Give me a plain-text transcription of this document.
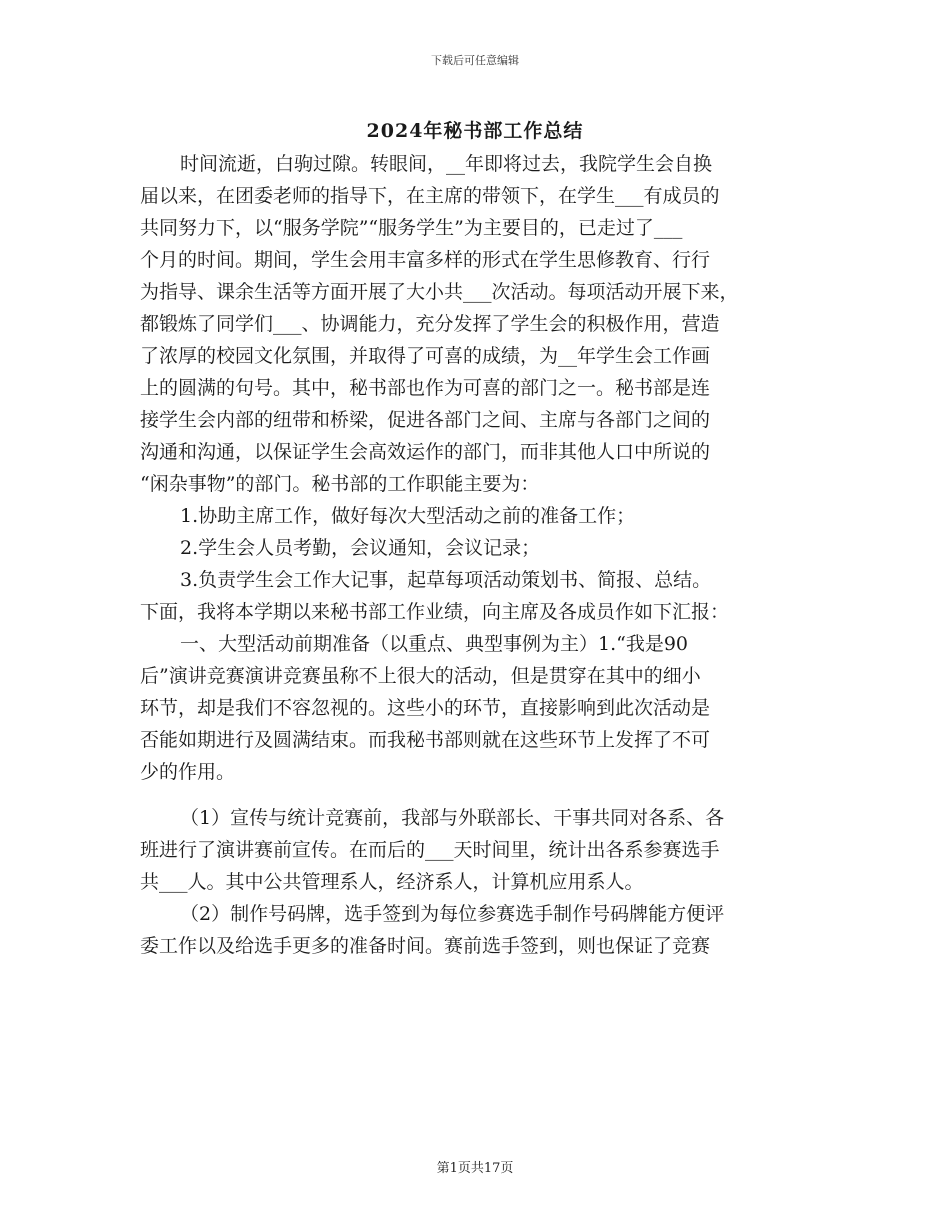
下载后可任意编辑
2024年秘书部工作总结
时间流逝，白驹过隙。转眼间，__年即将过去，我院学生会自换
届以来，在团委老师的指导下，在主席的带领下，在学生___有成员的
共同努力下，以“服务学院”“服务学生”为主要目的，已走过了___
个月的时间。期间，学生会用丰富多样的形式在学生思修教育、行行
为指导、课余生活等方面开展了大小共___次活动。每项活动开展下来，
都锻炼了同学们___、协调能力，充分发挥了学生会的积极作用，营造
了浓厚的校园文化氛围，并取得了可喜的成绩，为__年学生会工作画
上的圆满的句号。其中，秘书部也作为可喜的部门之一。秘书部是连
接学生会内部的纽带和桥梁，促进各部门之间、主席与各部门之间的
沟通和沟通，以保证学生会高效运作的部门，而非其他人口中所说的
“闲杂事物”的部门。秘书部的工作职能主要为：
1.协助主席工作，做好每次大型活动之前的准备工作；
2.学生会人员考勤，会议通知，会议记录；
3.负责学生会工作大记事，起草每项活动策划书、简报、总结。
下面，我将本学期以来秘书部工作业绩，向主席及各成员作如下汇报：
一、大型活动前期准备（以重点、典型事例为主）1.“我是90
后”演讲竞赛演讲竞赛虽称不上很大的活动，但是贯穿在其中的细小
环节，却是我们不容忽视的。这些小的环节，直接影响到此次活动是
否能如期进行及圆满结束。而我秘书部则就在这些环节上发挥了不可
少的作用。
（1）宣传与统计竞赛前，我部与外联部长、干事共同对各系、各
班进行了演讲赛前宣传。在而后的___天时间里，统计出各系参赛选手
共___人。其中公共管理系人，经济系人，计算机应用系人。
（2）制作号码牌，选手签到为每位参赛选手制作号码牌能方便评
委工作以及给选手更多的准备时间。赛前选手签到，则也保证了竞赛
第1页共17页
